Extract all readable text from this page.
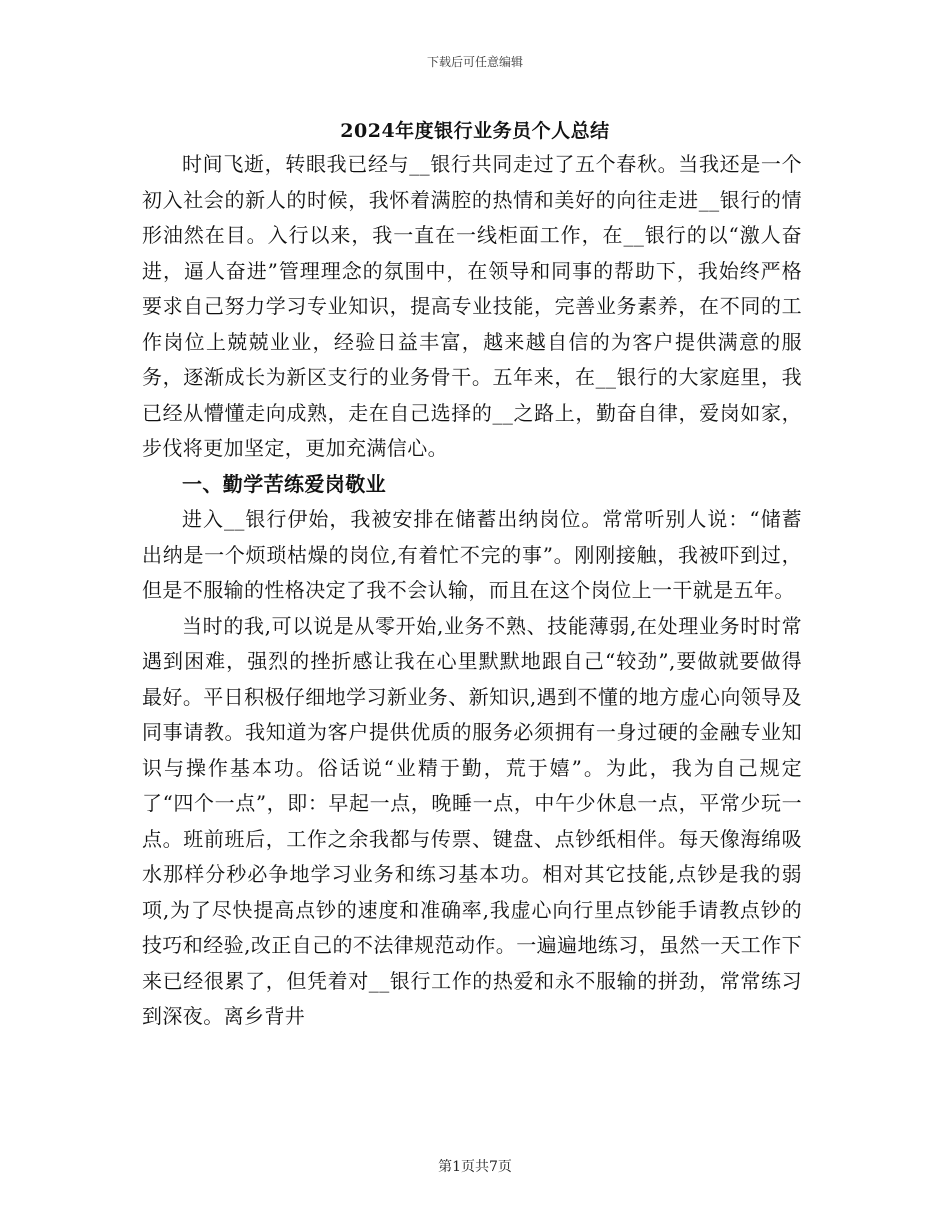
下载后可任意编辑
2024年度银行业务员个人总结

时间飞逝，转眼我已经与__银行共同走过了五个春秋。当我还是一个初入社会的新人的时候，我怀着满腔的热情和美好的向往走进__银行的情形油然在目。入行以来，我一直在一线柜面工作，在__银行的以“激人奋进，逼人奋进”管理理念的氛围中，在领导和同事的帮助下，我始终严格要求自己努力学习专业知识，提高专业技能，完善业务素养，在不同的工作岗位上兢兢业业，经验日益丰富，越来越自信的为客户提供满意的服务，逐渐成长为新区支行的业务骨干。五年来，在__银行的大家庭里，我已经从懵懂走向成熟，走在自己选择的__之路上，勤奋自律，爱岗如家，步伐将更加坚定，更加充满信心。

一、勤学苦练爱岗敬业

进入__银行伊始，我被安排在储蓄出纳岗位。常常听别人说：“储蓄出纳是一个烦琐枯燥的岗位,有着忙不完的事”。刚刚接触，我被吓到过，但是不服输的性格决定了我不会认输，而且在这个岗位上一干就是五年。

当时的我,可以说是从零开始,业务不熟、技能薄弱,在处理业务时时常遇到困难，强烈的挫折感让我在心里默默地跟自己“较劲”,要做就要做得最好。平日积极仔细地学习新业务、新知识,遇到不懂的地方虚心向领导及同事请教。我知道为客户提供优质的服务必须拥有一身过硬的金融专业知识与操作基本功。俗话说“业精于勤，荒于嬉”。为此，我为自己规定了“四个一点”，即：早起一点，晚睡一点，中午少休息一点，平常少玩一点。班前班后，工作之余我都与传票、键盘、点钞纸相伴。每天像海绵吸水那样分秒必争地学习业务和练习基本功。相对其它技能,点钞是我的弱项,为了尽快提高点钞的速度和准确率,我虚心向行里点钞能手请教点钞的技巧和经验,改正自己的不法律规范动作。一遍遍地练习，虽然一天工作下来已经很累了，但凭着对__银行工作的热爱和永不服输的拼劲，常常练习到深夜。离乡背井

第1页共7页
